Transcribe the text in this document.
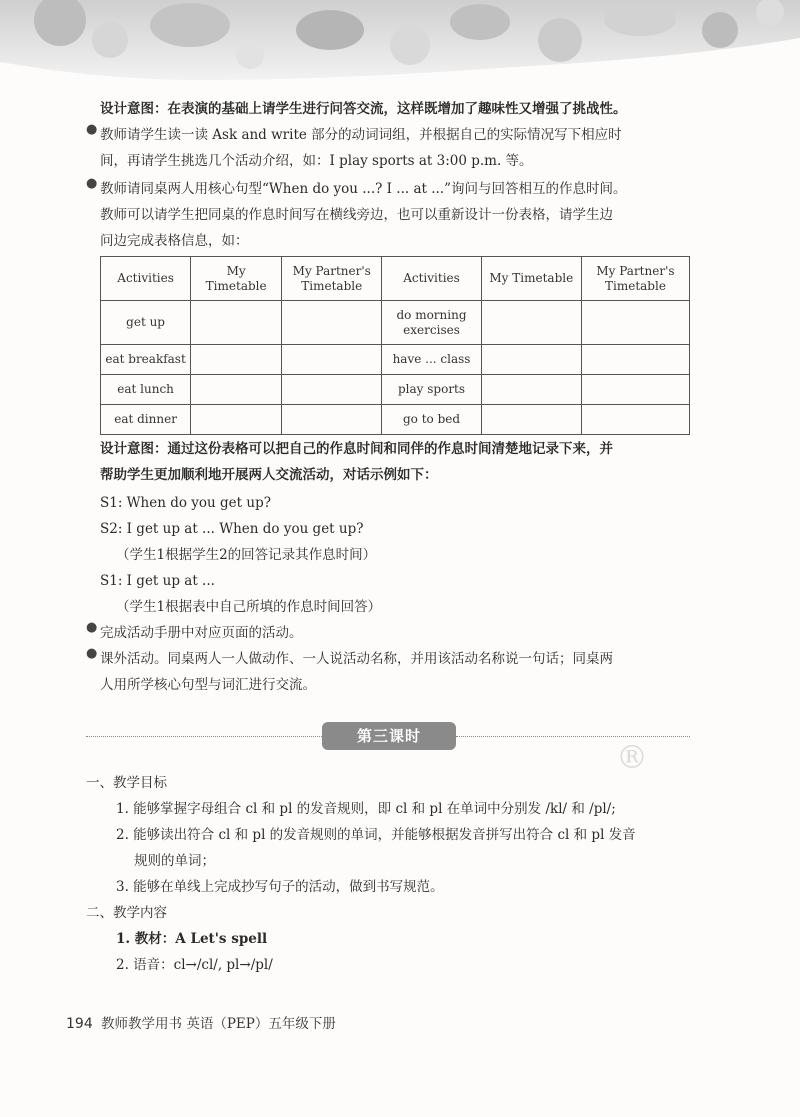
设计意图：在表演的基础上请学生进行问答交流，这样既增加了趣味性又增强了挑战性。
● 教师请学生读一读 Ask and write 部分的动词词组，并根据自己的实际情况写下相应时
间，再请学生挑选几个活动介绍，如：I play sports at 3:00 p.m. 等。
● 教师请同桌两人用核心句型“When do you ...? I ... at ...”询问与回答相互的作息时间。
教师可以请学生把同桌的作息时间写在横线旁边，也可以重新设计一份表格，请学生边
问边完成表格信息，如：
Activities	My Timetable	My Partner's Timetable	Activities	My Timetable	My Partner's Timetable
get up			do morning exercises		
eat breakfast			have ... class		
eat lunch			play sports		
eat dinner			go to bed		
设计意图：通过这份表格可以把自己的作息时间和同伴的作息时间清楚地记录下来，并
帮助学生更加顺利地开展两人交流活动，对话示例如下：
S1: When do you get up?
S2: I get up at ... When do you get up?
（学生1根据学生2的回答记录其作息时间）
S1: I get up at ...
（学生1根据表中自己所填的作息时间回答）
● 完成活动手册中对应页面的活动。
● 课外活动。同桌两人一人做动作、一人说活动名称，并用该活动名称说一句话；同桌两
人用所学核心句型与词汇进行交流。
第三课时
®
一、教学目标
1. 能够掌握字母组合 cl 和 pl 的发音规则，即 cl 和 pl 在单词中分别发 /kl/ 和 /pl/;
2. 能够读出符合 cl 和 pl 的发音规则的单词，并能够根据发音拼写出符合 cl 和 pl 发音
规则的单词；
3. 能够在单线上完成抄写句子的活动，做到书写规范。
二、教学内容
1. 教材：A Let's spell
2. 语音：cl→/cl/, pl→/pl/
194 教师教学用书 英语（PEP）五年级下册
